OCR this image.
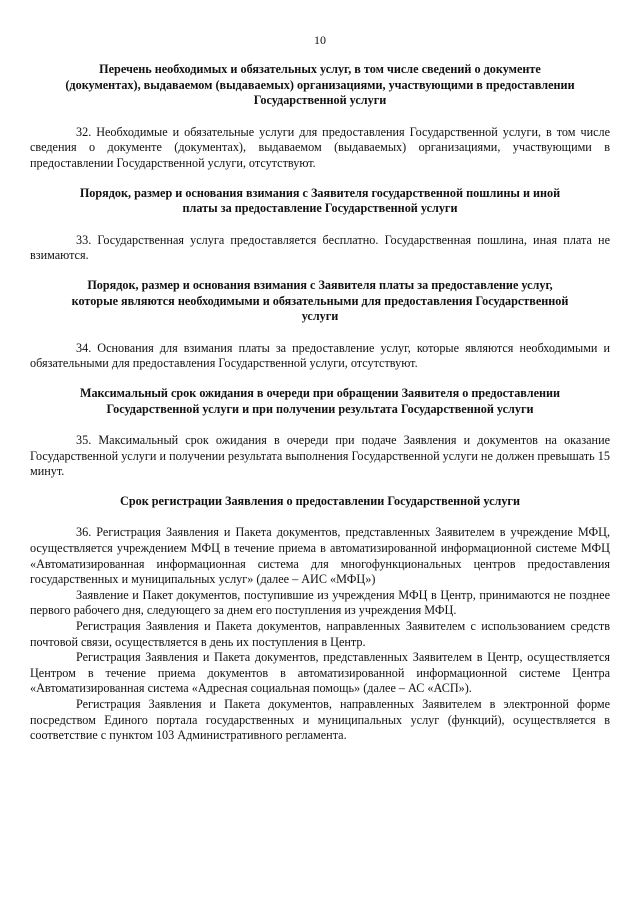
10

Перечень необходимых и обязательных услуг, в том числе сведений о документе (документах), выдаваемом (выдаваемых) организациями, участвующими в предоставлении Государственной услуги

32. Необходимые и обязательные услуги для предоставления Государственной услуги, в том числе сведения о документе (документах), выдаваемом (выдаваемых) организациями, участвующими в предоставлении Государственной услуги, отсутствуют.

Порядок, размер и основания взимания с Заявителя государственной пошлины и иной платы за предоставление Государственной услуги

33. Государственная услуга предоставляется бесплатно. Государственная пошлина, иная плата не взимаются.

Порядок, размер и основания взимания с Заявителя платы за предоставление услуг, которые являются необходимыми и обязательными для предоставления Государственной услуги

34. Основания для взимания платы за предоставление услуг, которые являются необходимыми и обязательными для предоставления Государственной услуги, отсутствуют.

Максимальный срок ожидания в очереди при обращении Заявителя о предоставлении Государственной услуги и при получении результата Государственной услуги

35. Максимальный срок ожидания в очереди при подаче Заявления и документов на оказание Государственной услуги и получении результата выполнения Государственной услуги не должен превышать 15 минут.

Срок регистрации Заявления о предоставлении Государственной услуги

36. Регистрация Заявления и Пакета документов, представленных Заявителем в учреждение МФЦ, осуществляется учреждением МФЦ в течение приема в автоматизированной информационной системе МФЦ «Автоматизированная информационная система для многофункциональных центров предоставления государственных и муниципальных услуг» (далее – АИС «МФЦ»)

Заявление и Пакет документов, поступившие из учреждения МФЦ в Центр, принимаются не позднее первого рабочего дня, следующего за днем его поступления из учреждения МФЦ.

Регистрация Заявления и Пакета документов, направленных Заявителем с использованием средств почтовой связи, осуществляется в день их поступления в Центр.

Регистрация Заявления и Пакета документов, представленных Заявителем в Центр, осуществляется Центром в течение приема документов в автоматизированной информационной системе Центра «Автоматизированная система «Адресная социальная помощь» (далее – АС «АСП»).

Регистрация Заявления и Пакета документов, направленных Заявителем в электронной форме посредством Единого портала государственных и муниципальных услуг (функций), осуществляется в соответствие с пунктом 103 Административного регламента.
